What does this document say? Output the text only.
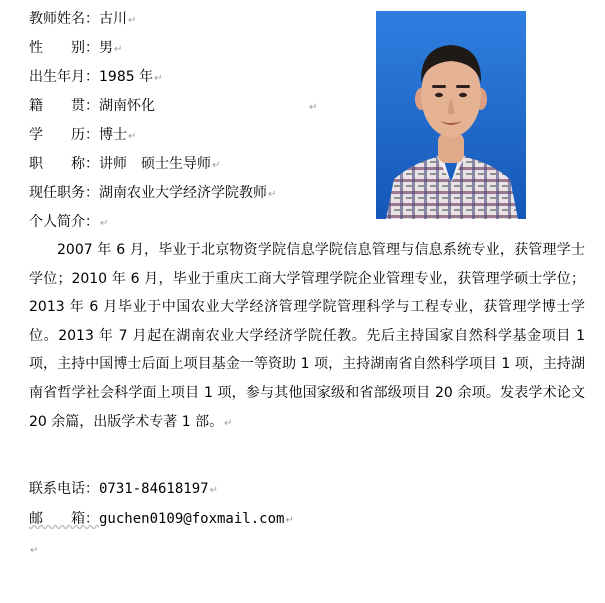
教师姓名：古川↵
性　　别：男↵
出生年月：1985 年↵
籍　　贯：湖南怀化	↵
学　　历：博士↵
职　　称：讲师　硕士生导师↵
现任职务：湖南农业大学经济学院教师↵
个人简介：↵
2007 年 6 月，毕业于北京物资学院信息学院信息管理与信息系统专业，获管理学士学位；2010 年 6 月，毕业于重庆工商大学管理学院企业管理专业，获管理学硕士学位；2013 年 6 月毕业于中国农业大学经济管理学院管理科学与工程专业，获管理学博士学位。2013 年 7 月起在湖南农业大学经济学院任教。先后主持国家自然科学基金项目 1 项，主持中国博士后面上项目基金一等资助 1 项，主持湖南省自然科学项目 1 项，主持湖南省哲学社会科学面上项目 1 项，参与其他国家级和省部级项目 20 余项。发表学术论文 20 余篇，出版学术专著 1 部。↵
联系电话：0731-84618197↵
邮　　箱：guchen0109@foxmail.com↵
↵
